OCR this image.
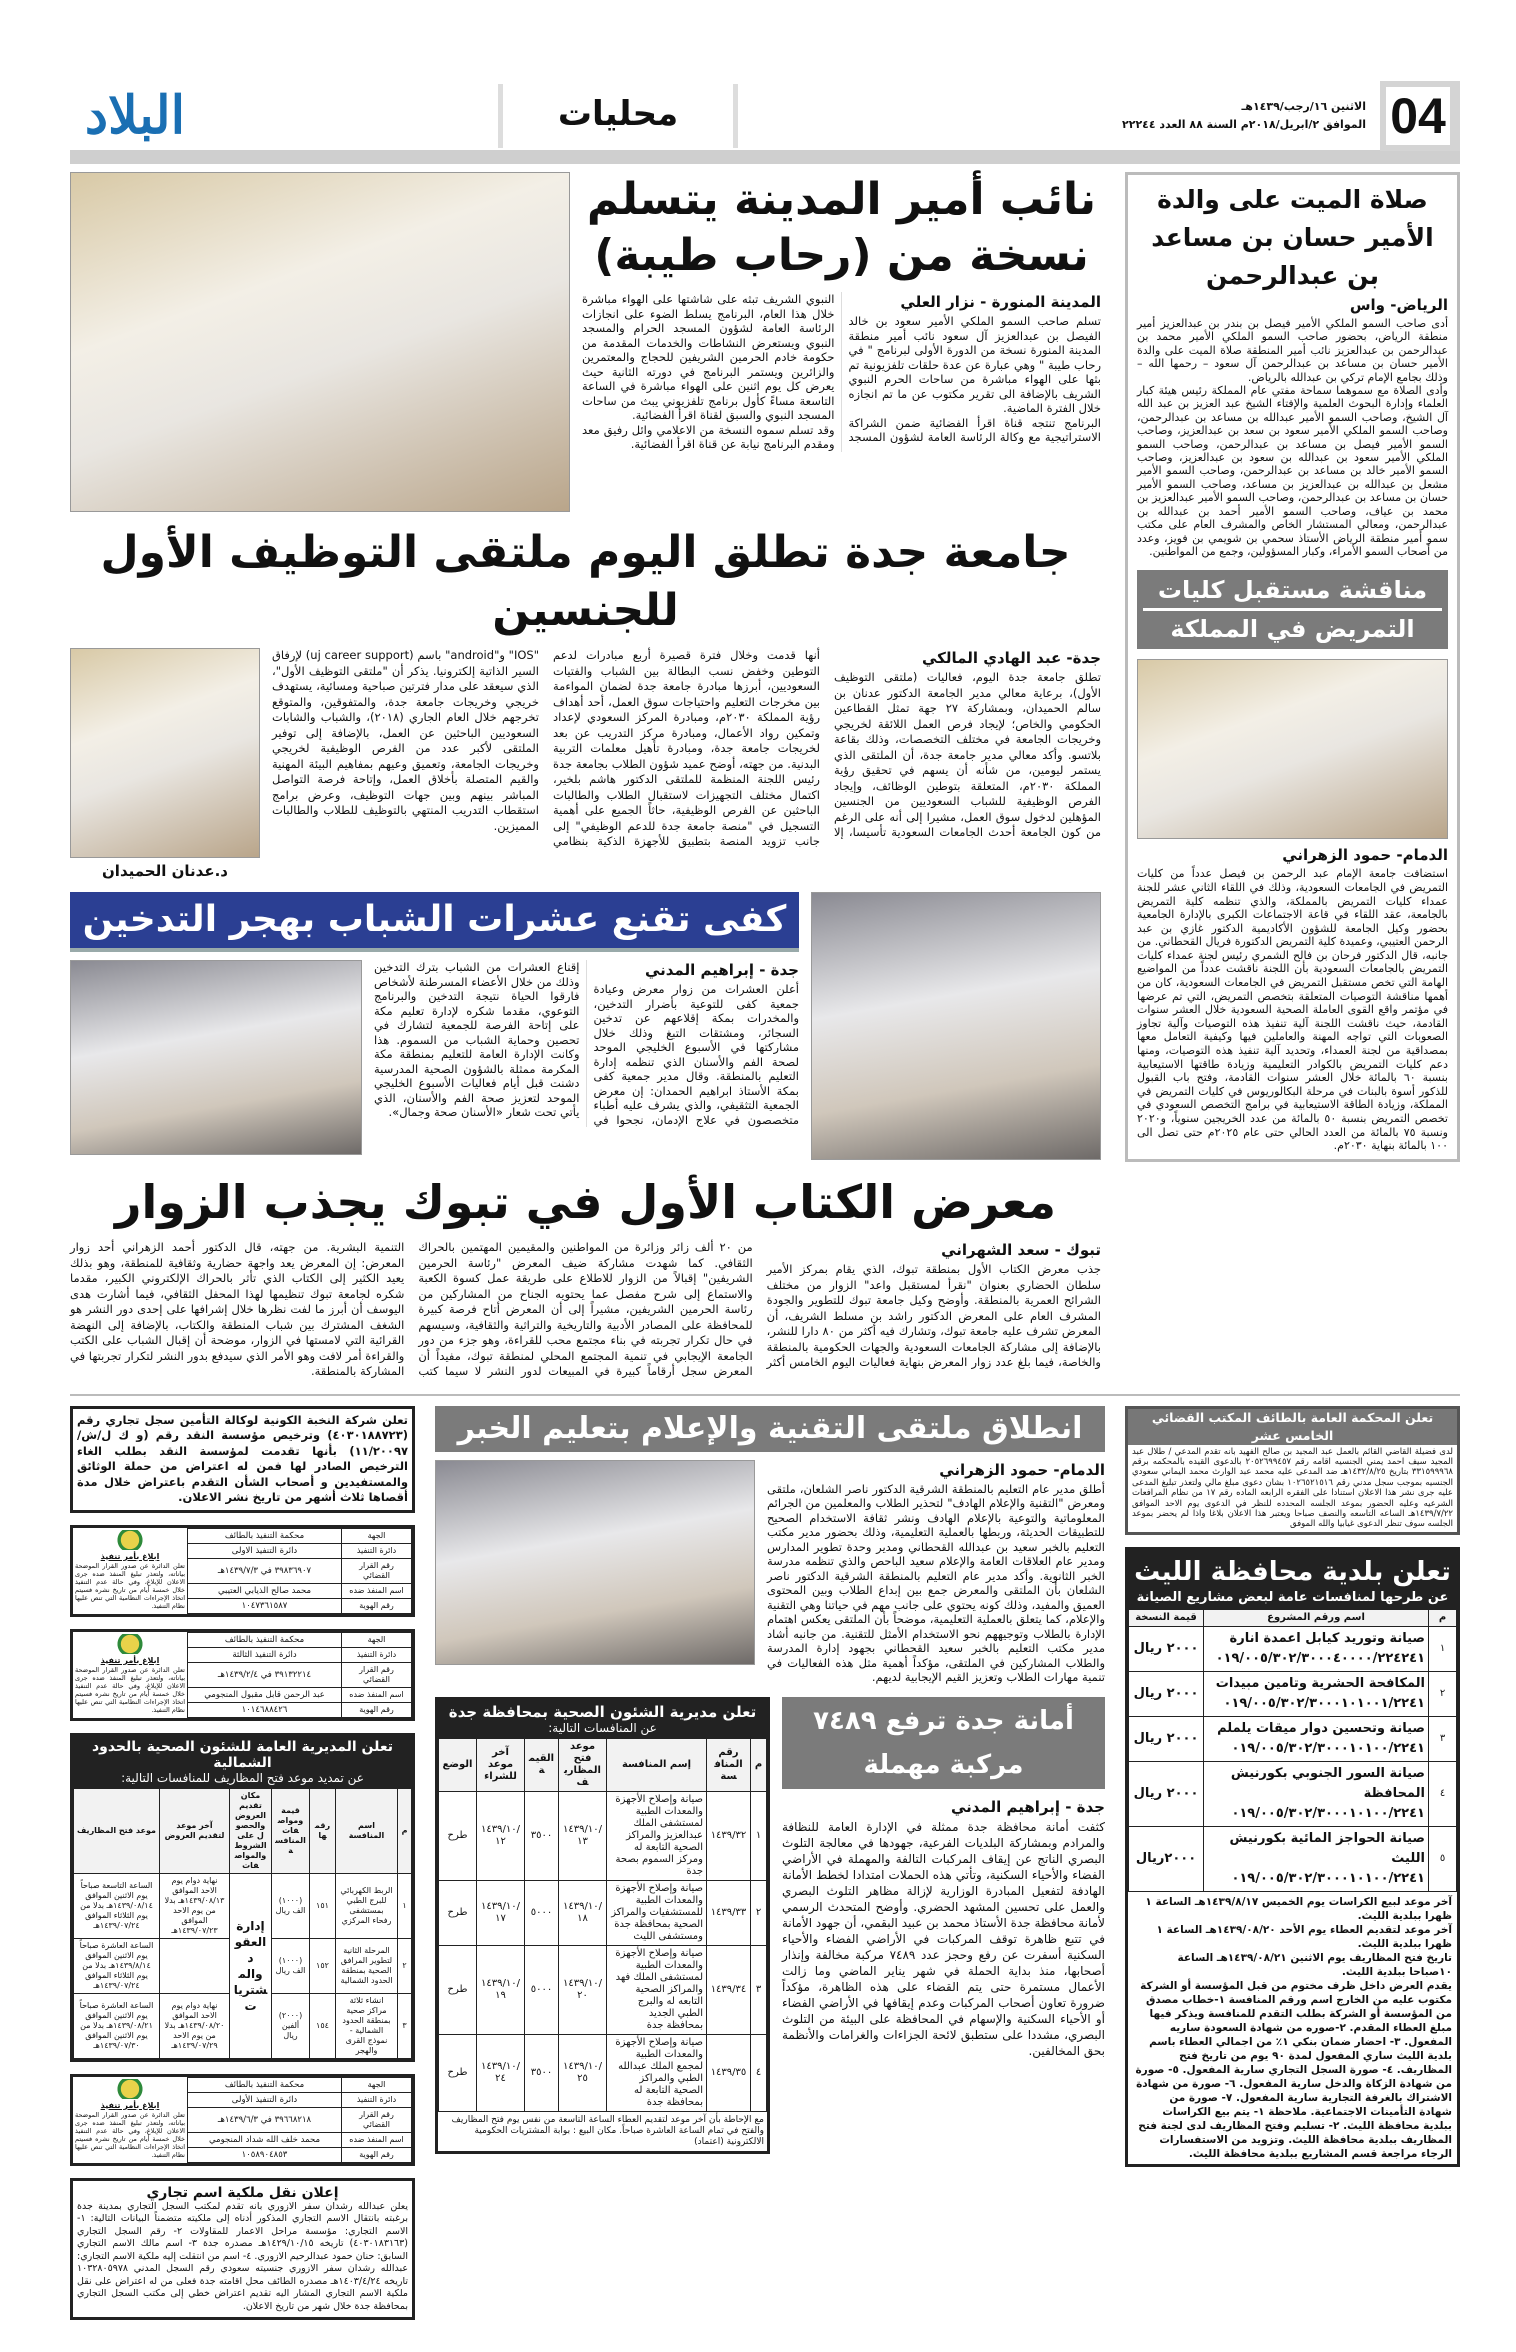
04
الاثنين ١٦/رجب/١٤٣٩هـ
الموافق ٢/ابريل/٢٠١٨م السنة ٨٨ العدد ٢٢٢٤٤
محليات
البلاد
صلاة الميت على والدة الأمير حسان بن مساعد بن عبدالرحمن
الرياض- واس

أدى صاحب السمو الملكي الأمير فيصل بن بندر بن عبدالعزيز أمير منطقة الرياض، بحضور صاحب السمو الملكي الأمير محمد بن عبدالرحمن بن عبدالعزيز نائب أمير المنطقة صلاة الميت على والدة الأمير حسان بن مساعد بن عبدالرحمن آل سعود – رحمها الله – وذلك بجامع الإمام تركي بن عبدالله بالرياض.

وأدى الصلاة مع سموهما سماحة مفتي عام المملكة رئيس هيئة كبار العلماء وإدارة البحوث العلمية والإفتاء الشيخ عبد العزيز بن عبد الله آل الشيخ، وصاحب السمو الأمير عبدالله بن مساعد بن عبدالرحمن، وصاحب السمو الملكي الأمير سعود بن سعد بن عبدالعزيز، وصاحب السمو الأمير فيصل بن مساعد بن عبدالرحمن، وصاحب السمو الملكي الأمير سعود بن عبدالله بن سعود بن عبدالعزيز، وصاحب السمو الأمير خالد بن مساعد بن عبدالرحمن، وصاحب السمو الأمير مشعل بن عبدالله بن عبدالعزيز بن مساعد، وصاحب السمو الأمير حسان بن مساعد بن عبدالرحمن، وصاحب السمو الأمير عبدالعزيز بن محمد بن عياف، وصاحب السمو الأمير أحمد بن عبدالله بن عبدالرحمن، ومعالي المستشار الخاص والمشرف العام على مكتب سمو أمير منطقة الرياض الأستاذ سحمي بن شويمي بن فويز، وعدد من أصحاب السمو الأمراء، وكبار المسؤولين، وجمع من المواطنين.

مناقشة مستقبل كليات
التمريض في المملكة
الدمام- حمود الزهراني

استضافت جامعة الإمام عبد الرحمن بن فيصل عدداً من كليات التمريض في الجامعات السعودية، وذلك في اللقاء الثاني عشر للجنة عمداء كليات التمريض بالمملكة، والذي تنظمه كلية التمريض بالجامعة، عقد اللقاء في قاعة الاجتماعات الكبرى بالإدارة الجامعية بحضور وكيل الجامعة للشؤون الأكاديمية الدكتور غازي بن عبد الرحمن العتيبي، وعميدة كلية التمريض الدكتورة فريال القحطاني. من جانبه، قال الدكتور فرحان بن فالح الشمري رئيس لجنة عمداء كليات التمريض بالجامعات السعودية بأن اللجنة ناقشت عدداً من المواضيع الهامة التي تخص مستقبل التمريض في الجامعات السعودية، كان من أهمها مناقشة التوصيات المتعلقة بتخصص التمريض، التي تم عرضها في مؤتمر واقع القوى العاملة الصحية السعودية خلال العشر سنوات القادمة، حيث ناقشت اللجنة آلية تنفيذ هذه التوصيات وآلية تجاوز الصعوبات التي تواجه المهنة والعاملين فيها وكيفية التعامل معها بمصداقية من لجنة العمداء، وتحديد آلية تنفيذ هذه التوصيات، ومنها دعم كليات التمريض بالكوادر التعليمية وزيادة طاقتها الاستيعابية بنسبة ٦٠ بالمائة خلال العشر سنوات القادمة، وفتح باب القبول للذكور أسوة بالبنات في مرحلة البكالوريوس في كليات التمريض في المملكة، وزيادة الطاقة الاستيعابية في برامج التخصص السعودي في تخصص التمريض بنسبة ٥٠ بالمائة من عدد الخريجين سنوياً، و٢٠٢٠ ونسبة ٧٥ بالمائة من العدد الحالي حتى عام ٢٠٢٥م حتى تصل الى ١٠٠ بالمائة بنهاية ٢٠٣٠م.

نائب أمير المدينة يتسلم نسخة من (رحاب طيبة)
المدينة المنورة - نزار العلي

تسلم صاحب السمو الملكي الأمير سعود بن خالد الفيصل بن عبدالعزيز آل سعود نائب أمير منطقة المدينة المنورة نسخة من الدورة الأولى لبرنامج " في رحاب طيبة " وهي عبارة عن عدة حلقات تلفزيونية تم بثها على الهواء مباشرة من ساحات الحرم النبوي الشريف بالإضافة الى تقرير مكتوب عن ما تم انجازه خلال الفترة الماضية.

البرنامج تنتجه قناة اقرأ الفضائية ضمن الشراكة الاستراتيجية مع وكالة الرئاسة العامة لشؤون المسجد النبوي الشريف تبثه على شاشتها على الهواء مباشرة خلال هذا العام، البرنامج يسلط الضوء على انجازات الرئاسة العامة لشؤون المسجد الحرام والمسجد النبوي ويستعرض النشاطات والخدمات المقدمة من حكومة خادم الحرمين الشريفين للحجاج والمعتمرين والزائرين ويستمر البرنامج في دورته الثانية حيث يعرض كل يوم اثنين على الهواء مباشرة في الساعة التاسعة مساءً كأول برنامج تلفزيوني يبث من ساحات المسجد النبوي والسبق لقناة اقرأ الفضائية.

وقد تسلم سموه النسخة من الاعلامي وائل رفيق معد ومقدم البرنامج نيابة عن قناة اقرأ الفضائية.

جامعة جدة تطلق اليوم ملتقى التوظيف الأول للجنسين
جدة- عبد الهادي المالكي

تطلق جامعة جدة اليوم، فعاليات (ملتقى التوظيف الأول)، برعاية معالي مدير الجامعة الدكتور عدنان بن سالم الحميدان، وبمشاركة ٢٧ جهة تمثل القطاعين الحكومي والخاص؛ لإيجاد فرص العمل اللائقة لخريجي وخريجات الجامعة في مختلف التخصصات، وذلك بقاعة بلاتسو. وأكد معالي مدير جامعة جدة، أن الملتقى الذي يستمر ليومين، من شأنه أن يسهم في تحقيق رؤية المملكة ٢٠٣٠م، المتعلقة بتوطين الوظائف، وإيجاد الفرص الوظيفية للشباب السعوديين من الجنسين المؤهلين لدخول سوق العمل، مشيرا إلى أنه على الرغم من كون الجامعة أحدث الجامعات السعودية تأسيسا، إلا أنها قدمت وخلال فترة قصيرة أربع مبادرات لدعم التوطين وخفض نسب البطالة بين الشباب والفتيات السعوديين، أبرزها مبادرة جامعة جدة لضمان المواءمة بين مخرجات التعليم واحتياجات سوق العمل، أحد أهداف رؤية المملكة ٢٠٣٠م، ومبادرة المركز السعودي لإعداد وتمكين رواد الأعمال، ومبادرة مركز التدريب عن بعد لخريجات جامعة جدة، ومبادرة تأهيل معلمات التربية البدنية. من جهته، أوضح عميد شؤون الطلاب بجامعة جدة رئيس اللجنة المنظمة للملتقى الدكتور هاشم بلخير، اكتمال مختلف التجهيزات لاستقبال الطلاب والطالبات الباحثين عن الفرص الوظيفية، حاثاً الجميع على أهمية التسجيل في "منصة جامعة جدة للدعم الوظيفي" إلى جانب تزويد المنصة بتطبيق للأجهزة الذكية بنظامي "IOS" و"android" باسم (uj career support) لإرفاق السير الذاتية إلكترونيا. يذكر أن "ملتقى التوظيف الأول"، الذي سيعقد على مدار فترتين صباحية ومسائية، يستهدف خريجي وخريجات جامعة جدة، والمتفوقين، والمتوقع تخرجهم خلال العام الجاري (٢٠١٨)، والشباب والشابات السعوديين الباحثين عن العمل، بالإضافة إلى توفير الملتقى لأكبر عدد من الفرص الوظيفية لخريجي وخريجات الجامعة، وتعميق وعيهم بمفاهيم البيئة المهنية والقيم المتصلة بأخلاق العمل، وإتاحة فرصة التواصل المباشر بينهم وبين جهات التوظيف، وعرض برامج استقطاب التدريب المنتهي بالتوظيف للطلاب والطالبات المميزين.

د.عدنان الحميدان
كفى تقنع عشرات الشباب بهجر التدخين
جدة - إبراهيم المدني

أعلن العشرات من زوار معرض وعيادة جمعية كفى للتوعية بأضرار التدخين، والمخدرات بمكة إقلاعهم عن تدخين السجائر، ومشتقات التبغ وذلك خلال مشاركتها في الأسبوع الخليجي الموحد لصحة الفم والأسنان الذي تنظمه إدارة التعليم بالمنطقة. وقال مدير جمعية كفى بمكة الأستاذ ابراهيم الحمدان: إن معرض الجمعية التثقيفي، والذي يشرف عليه أطباء متخصصون في علاج الإدمان، نجحوا في إقناع العشرات من الشباب بترك التدخين وذلك من خلال الأعضاء المسرطنة لأشخاص فارقوا الحياة نتيجة التدخين والبرنامج التوعوي، مقدما شكره لإدارة تعليم مكة على إتاحة الفرصة للجمعية لتشارك في تحصين وحماية الشباب من السموم. هذا وكانت الإدارة العامة للتعليم بمنطقة مكة المكرمة ممثلة بالشؤون الصحية المدرسية دشنت قبل أيام فعاليات الأسبوع الخليجي الموحد لتعزيز صحة الفم والأسنان، الذي يأتي تحت شعار «الأسنان صحة وجمال».

معرض الكتاب الأول في تبوك يجذب الزوار
تبوك - سعد الشهراني

جذب معرض الكتاب الأول بمنطقة تبوك، الذي يقام بمركز الأمير سلطان الحضاري بعنوان "نقرأ لمستقبل واعد" الزوار من مختلف الشرائح العمرية بالمنطقة. وأوضح وكيل جامعة تبوك للتطوير والجودة المشرف العام على المعرض الدكتور راشد بن مسلط الشريف، أن المعرض تشرف عليه جامعة تبوك، وتشارك فيه أكثر من ٨٠ دارا للنشر، بالإضافة إلى مشاركة الجامعات السعودية والجهات الحكومية بالمنطقة والخاصة، فيما بلغ عدد زوار المعرض بنهاية فعاليات اليوم الخامس أكثر من ٢٠ ألف زائر وزائرة من المواطنين والمقيمين المهتمين بالحراك الثقافي. كما شهدت مشاركة ضيف المعرض "رئاسة الحرمين الشريفين" إقبالاً من الزوار للاطلاع على طريقة عمل كسوة الكعبة والاستماع إلى شرح مفصل عما يحتويه الجناح من المشاركين من رئاسة الحرمين الشريفين، مشيراً إلى أن المعرض أتاح فرصة كبيرة للمحافظة على المصادر الأدبية والتاريخية والتراثية والثقافية، وسيسهم في حال تكرار تجربته في بناء مجتمع محب للقراءة، وهو جزء من دور الجامعة الإيجابي في تنمية المجتمع المحلي لمنطقة تبوك، مفيداً أن المعرض سجل أرقاماً كبيرة في المبيعات لدور النشر لا سيما كتب التنمية البشرية. من جهته، قال الدكتور أحمد الزهراني أحد زوار المعرض: إن المعرض يعد واجهة حضارية وثقافية للمنطقة، وهو بذلك يعيد الكثير إلى الكتاب الذي تأثر بالحراك الإلكتروني الكبير، مقدما شكره لجامعة تبوك تنظيمها لهذا المحفل الثقافي، فيما أشارت هدى اليوسف أن أبرز ما لفت نظرها خلال إشرافها على إحدى دور النشر هو الشغف المشترك بين شباب المنطقة والكتاب، بالإضافة إلى النهضة القرائية التي لامستها في الزوار، موضحة أن إقبال الشباب على الكتب والقراءة أمر لافت وهو الأمر الذي سيدفع بدور النشر لتكرار تجربتها في المشاركة بالمنطقة.

تعلن المحكمة العامة بالطائف المكتب القضائي الخامس عشر

لدى فضيلة القاضي القائم بالعمل عبد المجيد بن صالح الفهيد بانه تقدم المدعي / طلال عبد المجيد سيف احمد يمني الجنسيه اقامه رقم ٢٠٥٢٦٩٩٤٥٧ بالدعوى القيده بالمحكمه برقم ٣٣١٥٩٩٩٦٨ بتاريخ ١٤٣٢/٨/٢٥هـ ضد المدعى عليه محمد عبد الوارث محمد اليماني سعودي الجنسيه بموجب سجل مدني رقم ١٠٢٦٥٢١٥١٦ بشان دعوى مبلغ مالي ولتعذر تبليغ المدعى عليه جرى نشر هذا الاعلان استنادا على الفقره الرابعه الماده رقم ١٧ من نظام المرافعات الشرعيه وعليه الحضور بموعد الجلسه المحدده للنظر في الدعوى يوم الاحد الموافق ١٤٣٩/٧/٢٢هـ الساعه التاسعه والنصف صباحا ويعتبر هذا الاعلان بلاغا واذا لم يحضر بموعد الجلسه سوف تنظر الدعوى غيابيا والله الموفق

تعلن بلدية محافظة الليث
عن طرحها لمنافسات عامة لبعض مشاريع الصيانة
م	اسم ورقم المشروع	قيمة النسخة
١	صيانة وتوريد كيابل اعمدة انارة
٠١٩/٠٠٥/٣٠٢/٣٠٠٠٤٠٠٠٠/٢٢٤٢٤١	٢٠٠٠ ريال
٢	المكافحة الحشرية وتامين مبيدات
٠١٩/٠٠٥/٣٠٢/٣٠٠٠١٠١٠٠١/٢٢٤١	٢٠٠٠ ريال
٣	صيانة وتحسين دوار ميقات يلملم
٠١٩/٠٠٥/٣٠٢/٣٠٠٠١٠١٠٠/٢٢٤١	٢٠٠٠ ريال
٤	صيانة السور الجنوبي بكورنيش المحافظة
٠١٩/٠٠٥/٣٠٢/٣٠٠٠١٠١٠٠/٢٢٤١	٢٠٠٠ ريال
٥	صيانة الحواجز المائية بكورنيش الليث
٠١٩/٠٠٥/٣٠٢/٣٠٠٠١٠١٠٠/٢٢٤١	٢٠٠٠ريال

آخر موعد لبيع الكراسات يوم الخميس ١٤٣٩/٨/١٧هـ الساعة ١ ظهرا ببلدية الليث.

آخر موعد لتقديم العطاء يوم الأحد ١٤٣٩/٠٨/٢٠هـ الساعة ١ ظهرا ببلدية الليث.

تاريخ فتح المظاريف يوم الاثنين ١٤٣٩/٠٨/٢١هـ الساعة ١٠صباحا ببلدية الليث.

يقدم العرض داخل ظرف مختوم من قبل المؤسسة أو الشركة مكتوب عليه من الخارج اسم ورقم المنافسة ١-خطاب مصدق من المؤسسة أو الشركة بطلب التقدم للمنافسة ويذكر فيها مبلغ العطاء المقدم. ٢-صوره من شهادة السعودة ساريه المفعول. ٣- احضار ضمان بنكي ١٪ من اجمالي العطاء باسم بلدية الليث ساري المفعول لمدة ٩٠ يوم من تاريخ فتح المظاريف. ٤- صورة السجل التجاري سارية المفعول. ٥- صورة من شهادة الزكاة والدخل سارية المفعول. ٦- صورة من شهادة الاشتراك بالغرفة التجارية سارية المفعول. ٧- صورة من شهادة التأمينات الاجتماعية. ملاحظة ١- يتم بيع الكراسات ببلدية محافظة الليث. ٢- تسليم وفتح المظاريف لدى لجنة فتح المظاريف ببلدية محافظة الليث. وتزويد من الاستفسارات الرجاء مراجعة قسم المشاريع ببلدية محافظة الليث.

انطلاق ملتقى التقنية والإعلام بتعليم الخبر
الدمام- حمود الزهراني

أطلق مدير عام التعليم بالمنطقة الشرقية الدكتور ناصر الشلعان، ملتقى ومعرض "التقنية والإعلام الهادف" لتحذير الطلاب والمعلمين من الجرائم المعلوماتية والتوعية بالإعلام الهادف ونشر ثقافة الاستخدام الصحيح للتطبيقات الحديثة، وربطها بالعملية التعليمية، وذلك بحضور مدير مكتب التعليم بالخبر سعيد بن عبدالله القحطاني ومدير وحدة تطوير المدارس ومدير عام العلاقات العامة والإعلام سعيد الباحص والذي تنظمه مدرسة الخبر الثانوية. وأكد مدير عام التعليم بالمنطقة الشرقية الدكتور ناصر الشلعان بأن الملتقى والمعرض جمع بين إبداع الطلاب وبين المحتوى العميق والمفيد، وذلك كونه يحتوي على جانب مهم في حياتنا وهي التقنية والإعلام، كما يتعلق بالعملية التعليمية، موضحاً بأن الملتقى يعكس اهتمام الإدارة بالطلاب وتوجيههم نحو الاستخدام الأمثل للتقنية. من جانبه أشاد مدير مكتب التعليم بالخبر سعيد القحطاني بجهود إدارة المدرسة والطلاب المشاركين في الملتقى، مؤكداً أهمية مثل هذه الفعاليات في تنمية مهارات الطلاب وتعزيز القيم الإيجابية لديهم.

أمانة جدة ترفع ٧٤٨٩ مركبة مهملة
جدة - إبراهيم المدني

كثفت أمانة محافظة جدة ممثلة في الإدارة العامة للنظافة والمرادم وبمشاركة البلديات الفرعية، جهودها في معالجة التلوث البصري الناتج عن إيقاف المركبات التالفة والمهملة في الأراضي الفضاء والأحياء السكنية، وتأتي هذه الحملات امتدادا لخطط الأمانة الهادفة لتفعيل المبادرة الوزارية لإزالة مظاهر التلوث البصري والعمل على تحسين المشهد الحضري. وأوضح المتحدث الرسمي لأمانة محافظة جدة الأستاذ محمد بن عبيد البقمي، أن جهود الأمانة في تتبع ظاهرة توقف المركبات في الأراضي الفضاء والأحياء السكنية أسفرت عن رفع وحجز عدد ٧٤٨٩ مركبة مخالفة وإنذار أصحابها، منذ بداية الحملة في شهر يناير الماضي وما زالت الأعمال مستمرة حتى يتم القضاء على هذه الظاهرة، مؤكداً ضرورة تعاون أصحاب المركبات وعدم إيقافها في الأراضي الفضاء أو الأحياء السكنية والإسهام في المحافظة على البيئة من التلوث البصري، مشددا على ستطبق لائحة الجزاءات والغرامات والأنظمة بحق المخالفين.

تعلن مديرية الشئون الصحية بمحافظة جدة
عن المنافسات التالية:
م	رقم المنافسة	إسم المنافسة	موعد فتح المظاريف	القيمة	آخر موعد للشراء	الوضع
١	١٤٣٩/٣٢	صيانة وإصلاح الأجهزة والمعدات الطبية لمستشفى الملك عبدالعزيز والمراكز الصحية التابعة له ومركز السموم بصحة جدة	١٤٣٩/١٠/١٣	٣٥٠٠	١٤٣٩/١٠/١٢	طرح
٢	١٤٣٩/٣٣	صيانة وإصلاح الأجهزة والمعدات الطبية للمستشفيات والمراكز الصحية بمحافظة جدة ومستشفى الليث	١٤٣٩/١٠/١٨	٥٠٠٠	١٤٣٩/١٠/١٧	طرح
٣	١٤٣٩/٣٤	صيانة وإصلاح الأجهزة والمعدات الطبية لمستشفى الملك فهد والمراكز الصحية التابعه له والبرج الطبي الجديد بمحافظة جدة	١٤٣٩/١٠/٢٠	٥٠٠٠	١٤٣٩/١٠/١٩	طرح
٤	١٤٣٩/٣٥	صيانة وإصلاح الأجهزة والمعدات الطبية لمجمع الملك عبدالله الطبي والمراكز الصحية التابعة له بمحافظة جدة	١٤٣٩/١٠/٢٥	٣٥٠٠	١٤٣٩/١٠/٢٤	طرح
مع الإحاطة بأن آخر موعد لتقديم العطاء الساعة التاسعة من نفس يوم فتح المظاريف والفتح في تمام الساعة العاشرة صباحاً. مكان البيع : بوابة المشتريات الحكومية الالكترونية (اعتماد)

تعلن شركة النخبة الكونية لوكالة التأمين سجل تجاري رقم (٤٠٣٠١٨٨٧٢٣) وترخيص مؤسسة النقد رقم (و ك ل/ش/١١/٢٠٠٩٧) بأنها تقدمت لمؤسسة النقد بطلب الغاء الترخيص الصادر لها فمن له اعتراض من حملة الوثائق والمستفيدين و أصحاب الشأن التقدم باعتراض خلال مدة أقصاها ثلاث أشهر من تاريخ نشر الاعلان.

الجهة	محكمة التنفيذ بالطائف
دائرة التنفيذ	دائرة التنفيذ الاولى
رقم القرار القضائي	٣٩٨٣٦٩٠٧ في ١٤٣٩/٧/٣هـ
اسم المنفذ ضده	محمد صالح الذيابي العتيبي
رقم الهوية	١٠٤٧٣٦١٥٨٧
ابلاغ بأمر تنفيذ
تعلن الدائرة عن صدور القرار الموضحة بياناته، ولتعذر تبليغ المنفذ ضده جرى الاعلان للإبلاغ، وفي حالة عدم التنفيذ خلال خمسة أيام من تاريخ نشره فسيتم اتخاذ الإجراءات النظامية التي تنص عليها نظام التنفيذ.
الجهة	محكمة التنفيذ بالطائف
دائرة التنفيذ	دائرة التنفيذ الثالثة
رقم القرار القضائي	٣٩١٣٢٢١٤ في ١٤٣٩/٢/٤هـ
اسم المنفذ ضده	عبد الرحمن قابل مقبول المنجومي
رقم الهوية	١٠١٤٦٨٨٤٢٦
ابلاغ بأمر تنفيذ
تعلن الدائرة عن صدور القرار الموضحة بياناته، ولتعذر تبليغ المنفذ ضده جرى الاعلان للإبلاغ، وفي حالة عدم التنفيذ خلال خمسة أيام من تاريخ نشره فسيتم اتخاذ الإجراءات النظامية التي تنص عليها نظام التنفيذ.
تعلن المديرية العامة للشئون الصحية بالحدود الشمالية
عن تمديد موعد فتح المظاريف للمنافسات التالية:
م	اسم المنافسة	رقمها	قيمة ومواصفات المنافسة	مكان تقديم العروض والحصول على الشروط والمواصفات	آخر موعد لتقديم العروض	موعد فتح المظاريف
١	الربط الكهربائي للبرج الطبي بمستشفى رفحاء المركزي	١٥١	(١٠٠٠) الف ريال	إدارة العقود والمشتريات	نهاية دوام يوم الاحد الموافق ١٤٣٩/٠٨/١٣هـ بدلا من يوم الاحد الموافق ١٤٣٩/٠٧/٢٣هـ	الساعة التاسعة صباحاً يوم الاثنين الموافق ١٤٣٩/٠٨/١٤هـ بدلا من يوم الثلاثاء الموافق ١٤٣٩/٠٧/٢٤هـ
٢	المرحلة الثانية لتطوير المرافق الصحية بمنطقة الحدود الشمالية	١٥٢	(١٠٠٠) الف ريال			الساعة العاشرة صباحاً يوم الاثنين الموافق ١٤٣٩/٨/١٤هـ بدلا من يوم الثلاثاء الموافق ١٤٣٩/٠٧/٢٤هـ
٣	انشاء ثلاثة مراكز صحية بمنطقة الحدود الشمالية - نموذج القرى والهجر	١٥٤	(٢٠٠٠) ألفين ريال		نهاية دوام يوم الاحد الموافق ١٤٣٩/٠٨/٢٠هـ بدلا من يوم الاحد ١٤٣٩/٠٧/٢٩هـ	الساعة العاشرة صباحاً يوم الاثنين الموافق ١٤٣٩/٠٨/٢١هـ بدلا من يوم الاثنين الموافق ١٤٣٩/٠٧/٣٠هـ
الجهة	محكمة التنفيذ بالطائف
دائرة التنفيذ	دائرة التنفيذ الأولى
رقم القرار القضائي	٣٩٦٦٨٢١٨ في ١٤٣٩/٦/٣هـ
اسم المنفذ ضده	محمد خلف الله شداد المنجومي
رقم الهوية	١٠٥٨٩٠٤٨٥٣
ابلاغ بأمر تنفيذ
تعلن الدائرة عن صدور القرار الموضحة بياناته، ولتعذر تبليغ المنفذ ضده جرى الاعلان للإبلاغ، وفي حالة عدم التنفيذ خلال خمسة أيام من تاريخ نشره فسيتم اتخاذ الإجراءات النظامية التي تنص عليها نظام التنفيذ.
إعلان نقل ملكية اسم تجاري

يعلن عبدالله رشدان سفر الازوري بانه تقدم لمكتب السجل التجاري بمدينة جدة برغبته بانتقال الاسم التجاري المذكور أدناه إلى ملكيته متضمناً البيانات التالية: ١- الاسم التجاري: مؤسسة مراحل الاعمار للمقاولات ٢- رقم السجل التجاري (٤٠٣٠١٨٣١٦٣) تاريخه ١٤٢٩/١٠/١٥هـ مصدره جدة ٣- اسم مالك الاسم التجاري السابق: حنان حمود عبدالرحيم الازوري. ٤- اسم من انتقلت إليه ملكية الاسم التجاري: عبدالله رشدان سفر الازوري جنسيته سعودي رقم السجل المدني ١٠٣٢٨٠٥٩٧٨ تاريخه ١٤٠٣/٤/٢٤هـ مصدره الطائف محل اقامته جدة فعلى من له اعتراض على نقل ملكية الاسم التجاري المشار اليه تقديم اعتراض خطي إلى مكتب السجل التجاري بمحافظة جدة خلال شهر من تاريخ الاعلان.
